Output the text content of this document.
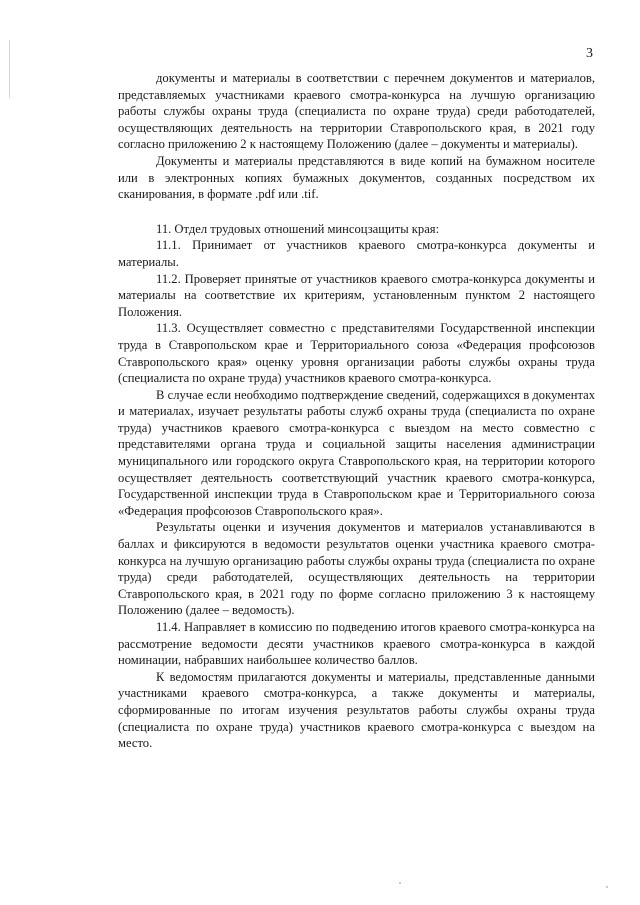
3

документы и материалы в соответствии с перечнем документов и материалов, представляемых участниками краевого смотра-конкурса на лучшую организацию работы службы охраны труда (специалиста по охране труда) среди работодателей, осуществляющих деятельность на территории Ставропольского края, в 2021 году согласно приложению 2 к настоящему Положению (далее – документы и материалы).

Документы и материалы представляются в виде копий на бумажном носителе или в электронных копиях бумажных документов, созданных посредством их сканирования, в формате .pdf или .tif.

11. Отдел трудовых отношений минсоцзащиты края:

11.1. Принимает от участников краевого смотра-конкурса документы и материалы.

11.2. Проверяет принятые от участников краевого смотра-конкурса документы и материалы на соответствие их критериям, установленным пунктом 2 настоящего Положения.

11.3. Осуществляет совместно с представителями Государственной инспекции труда в Ставропольском крае и Территориального союза «Федерация профсоюзов Ставропольского края» оценку уровня организации работы службы охраны труда (специалиста по охране труда) участников краевого смотра-конкурса.

В случае если необходимо подтверждение сведений, содержащихся в документах и материалах, изучает результаты работы служб охраны труда (специалиста по охране труда) участников краевого смотра-конкурса с выездом на место совместно с представителями органа труда и социальной защиты населения администрации муниципального или городского округа Ставропольского края, на территории которого осуществляет деятельность соответствующий участник краевого смотра-конкурса, Государственной инспекции труда в Ставропольском крае и Территориального союза «Федерация профсоюзов Ставропольского края».

Результаты оценки и изучения документов и материалов устанавливаются в баллах и фиксируются в ведомости результатов оценки участника краевого смотра-конкурса на лучшую организацию работы службы охраны труда (специалиста по охране труда) среди работодателей, осуществляющих деятельность на территории Ставропольского края, в 2021 году по форме согласно приложению 3 к настоящему Положению (далее – ведомость).

11.4. Направляет в комиссию по подведению итогов краевого смотра-конкурса на рассмотрение ведомости десяти участников краевого смотра-конкурса в каждой номинации, набравших наибольшее количество баллов.

К ведомостям прилагаются документы и материалы, представленные данными участниками краевого смотра-конкурса, а также документы и материалы, сформированные по итогам изучения результатов работы службы охраны труда (специалиста по охране труда) участников краевого смотра-конкурса с выездом на место.
